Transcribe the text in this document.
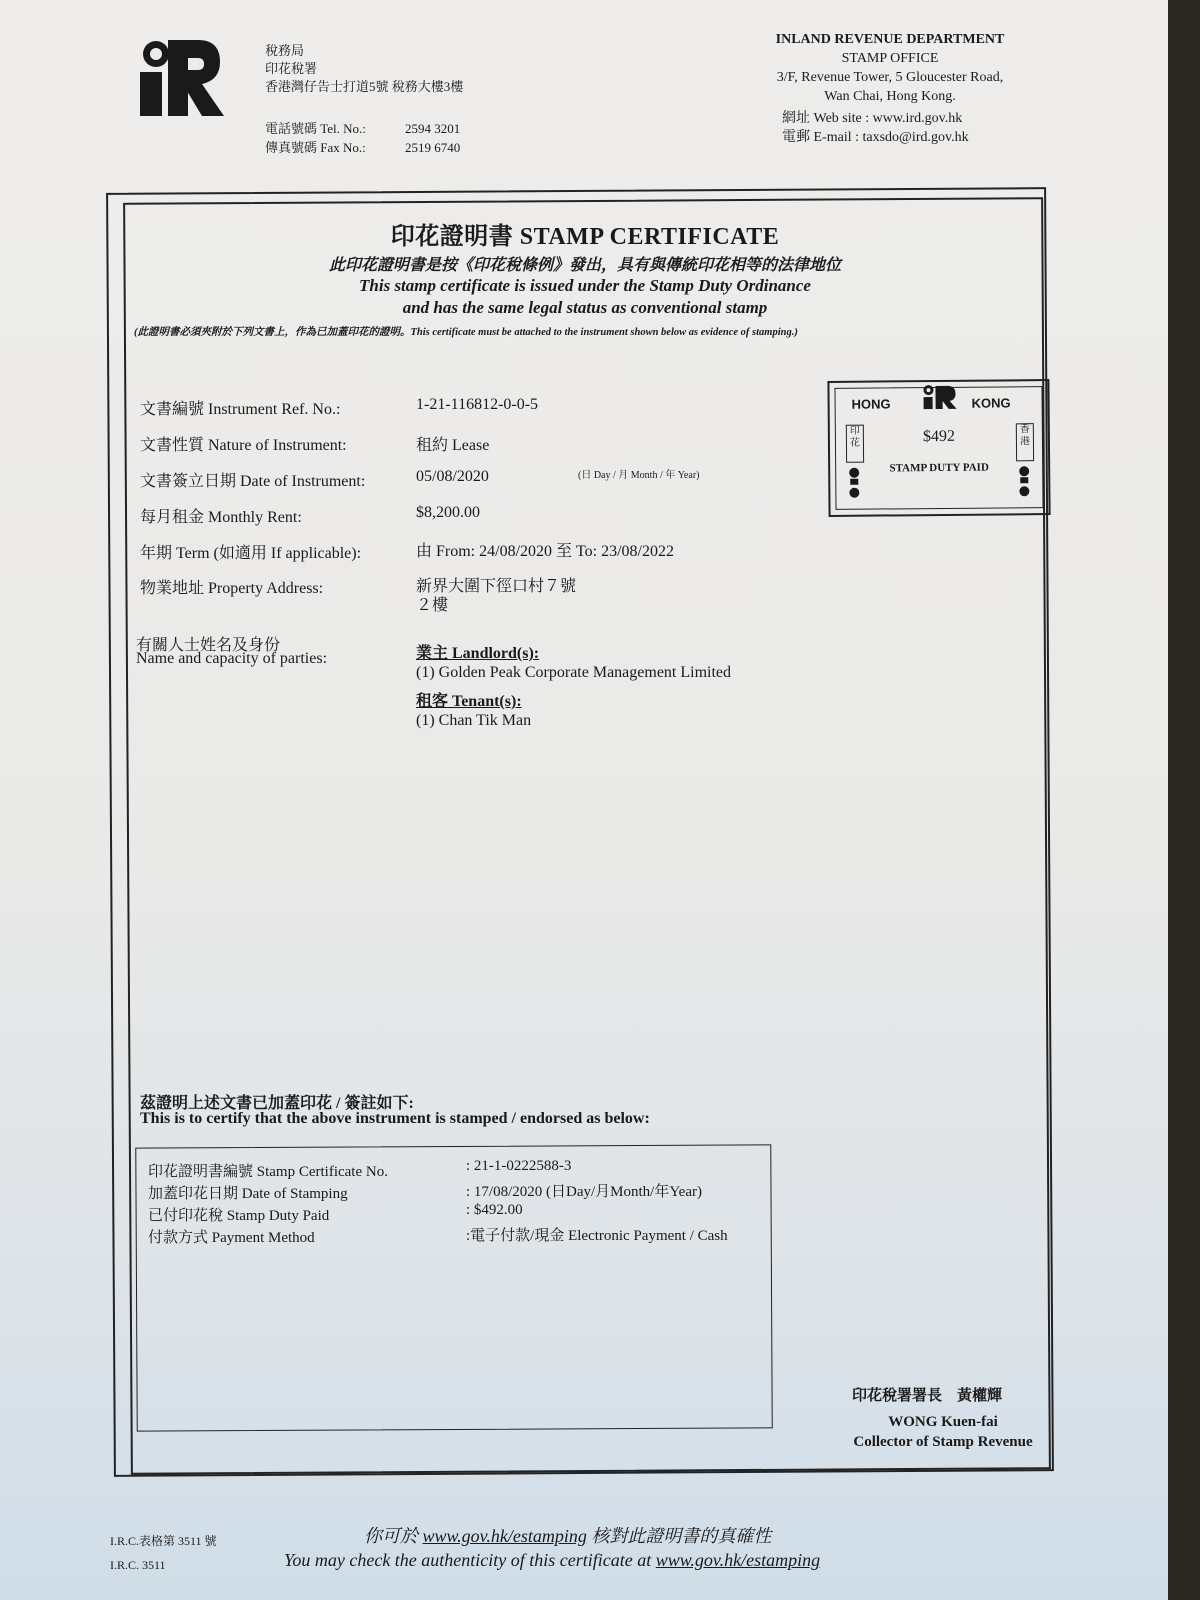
稅務局
印花稅署
香港灣仔告士打道5號 稅務大樓3樓
電話號碼 Tel. No.:	2594 3201
傳真號碼 Fax No.:	2519 6740
INLAND REVENUE DEPARTMENT
STAMP OFFICE
3/F, Revenue Tower, 5 Gloucester Road,
Wan Chai, Hong Kong.
網址 Web site : www.ird.gov.hk
電郵 E-mail : taxsdo@ird.gov.hk
印花證明書 STAMP CERTIFICATE
此印花證明書是按《印花稅條例》發出，具有與傳統印花相等的法律地位
This stamp certificate is issued under the Stamp Duty Ordinance
and has the same legal status as conventional stamp
(此證明書必須夾附於下列文書上，作為已加蓋印花的證明。This certificate must be attached to the instrument shown below as evidence of stamping.)
文書編號 Instrument Ref. No.:	1-21-116812-0-0-5
文書性質 Nature of Instrument:	租約 Lease
文書簽立日期 Date of Instrument:	05/08/2020	(日 Day / 月 Month / 年 Year)
每月租金 Monthly Rent:	$8,200.00
年期 Term (如適用 If applicable):	由 From: 24/08/2020 至 To: 23/08/2022
物業地址 Property Address:	新界大圍下徑口村７號
２樓
有關人士姓名及身份
Name and capacity of parties:	業主 Landlord(s):
(1) Golden Peak Corporate Management Limited
租客 Tenant(s):
(1) Chan Tik Man
HONG	KONG
$492
STAMP DUTY PAID
印花
香港
茲證明上述文書已加蓋印花 / 簽註如下:
This is to certify that the above instrument is stamped / endorsed as below:
印花證明書編號 Stamp Certificate No.	: 21-1-0222588-3
加蓋印花日期 Date of Stamping	: 17/08/2020 (日Day/月Month/年Year)
已付印花稅 Stamp Duty Paid	: $492.00
付款方式 Payment Method	:電子付款/現金 Electronic Payment / Cash
印花稅署署長　黃權輝
WONG Kuen-fai
Collector of Stamp Revenue
I.R.C.表格第 3511 號
I.R.C. 3511
你可於 www.gov.hk/estamping 核對此證明書的真確性
You may check the authenticity of this certificate at www.gov.hk/estamping
